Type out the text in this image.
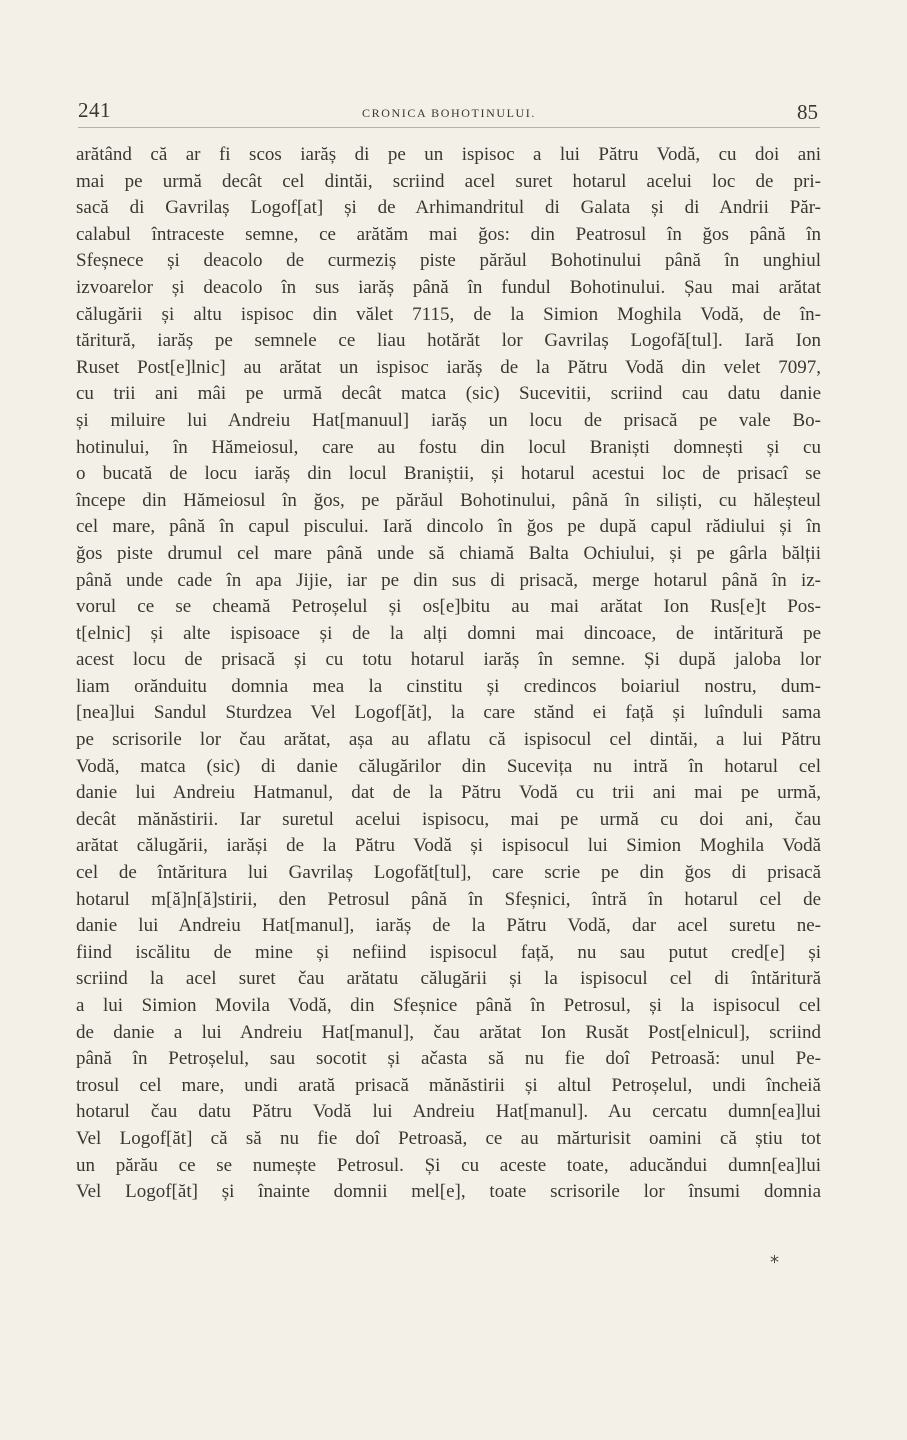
241	CRONICA BOHOTINULUI.	85
arătând că ar fi scos iarăș di pe un ispisoc a lui Pătru Vodă, cu doi ani
mai pe urmă decât cel dintăi, scriind acel suret hotarul acelui loc de pri-
sacă di Gavrilaș Logof[at] și de Arhimandritul di Galata și di Andrii Păr-
calabul întraceste semne, ce arătăm mai ğos: din Peatrosul în ğos până în
Sfeșnece și deacolo de curmeziș piste părăul Bohotinului până în unghiul
izvoarelor și deacolo în sus iarăș până în fundul Bohotinului. Șau mai arătat
călugării și altu ispisoc din vălet 7115, de la Simion Moghila Vodă, de în-
tăritură, iarăș pe semnele ce liau hotărăt lor Gavrilaș Logofă[tul]. Iară Ion
Ruset Post[e]lnic] au arătat un ispisoc iarăș de la Pătru Vodă din velet 7097,
cu trii ani mâi pe urmă decât matca (sic) Sucevitii, scriind cau datu danie
și miluire lui Andreiu Hat[manuul] iarăș un locu de prisacă pe vale Bo-
hotinului, în Hămeiosul, care au fostu din locul Braniști domnești și cu
o bucată de locu iarăș din locul Braniștii, și hotarul acestui loc de prisacî se
începe din Hămeiosul în ğos, pe părăul Bohotinului, până în siliști, cu hăleșteul
cel mare, până în capul piscului. Iară dincolo în ğos pe după capul rădiului și în
ğos piste drumul cel mare până unde să chiamă Balta Ochiului, și pe gârla bălții
până unde cade în apa Jijie, iar pe din sus di prisacă, merge hotarul până în iz-
vorul ce se cheamă Petroșelul și os[e]bitu au mai arătat Ion Rus[e]t Pos-
t[elnic] și alte ispisoace și de la alți domni mai dincoace, de intăritură pe
acest locu de prisacă și cu totu hotarul iarăș în semne. Și după jaloba lor
liam orănduitu domnia mea la cinstitu și credincos boiariul nostru, dum-
[nea]lui Sandul Sturdzea Vel Logof[ăt], la care stănd ei față și luînduli sama
pe scrisorile lor čau arătat, așa au aflatu că ispisocul cel dintăi, a lui Pătru
Vodă, matca (sic) di danie călugărilor din Sucevița nu intră în hotarul cel
danie lui Andreiu Hatmanul, dat de la Pătru Vodă cu trii ani mai pe urmă,
decât mănăstirii. Iar suretul acelui ispisocu, mai pe urmă cu doi ani, čau
arătat călugării, iarăși de la Pătru Vodă și ispisocul lui Simion Moghila Vodă
cel de întăritura lui Gavrilaș Logofăt[tul], care scrie pe din ğos di prisacă
hotarul m[ă]n[ă]stirii, den Petrosul până în Sfeșnici, întră în hotarul cel de
danie lui Andreiu Hat[manul], iarăș de la Pătru Vodă, dar acel suretu ne-
fiind iscălitu de mine și nefiind ispisocul față, nu sau putut cred[e] și
scriind la acel suret čau arătatu călugării și la ispisocul cel di întăritură
a lui Simion Movila Vodă, din Sfeșnice până în Petrosul, și la ispisocul cel
de danie a lui Andreiu Hat[manul], čau arătat Ion Rusăt Post[elnicul], scriind
până în Petroșelul, sau socotit și ačasta să nu fie doî Petroasă: unul Pe-
trosul cel mare, undi arată prisacă mănăstirii și altul Petroșelul, undi încheiă
hotarul čau datu Pătru Vodă lui Andreiu Hat[manul]. Au cercatu dumn[ea]lui
Vel Logof[ăt] că să nu fie doî Petroasă, ce au mărturisit oamini că știu tot
un părău ce se numește Petrosul. Și cu aceste toate, aducăndui dumn[ea]lui
Vel Logof[ăt] și înainte domnii mel[e], toate scrisorile lor însumi domnia
*
